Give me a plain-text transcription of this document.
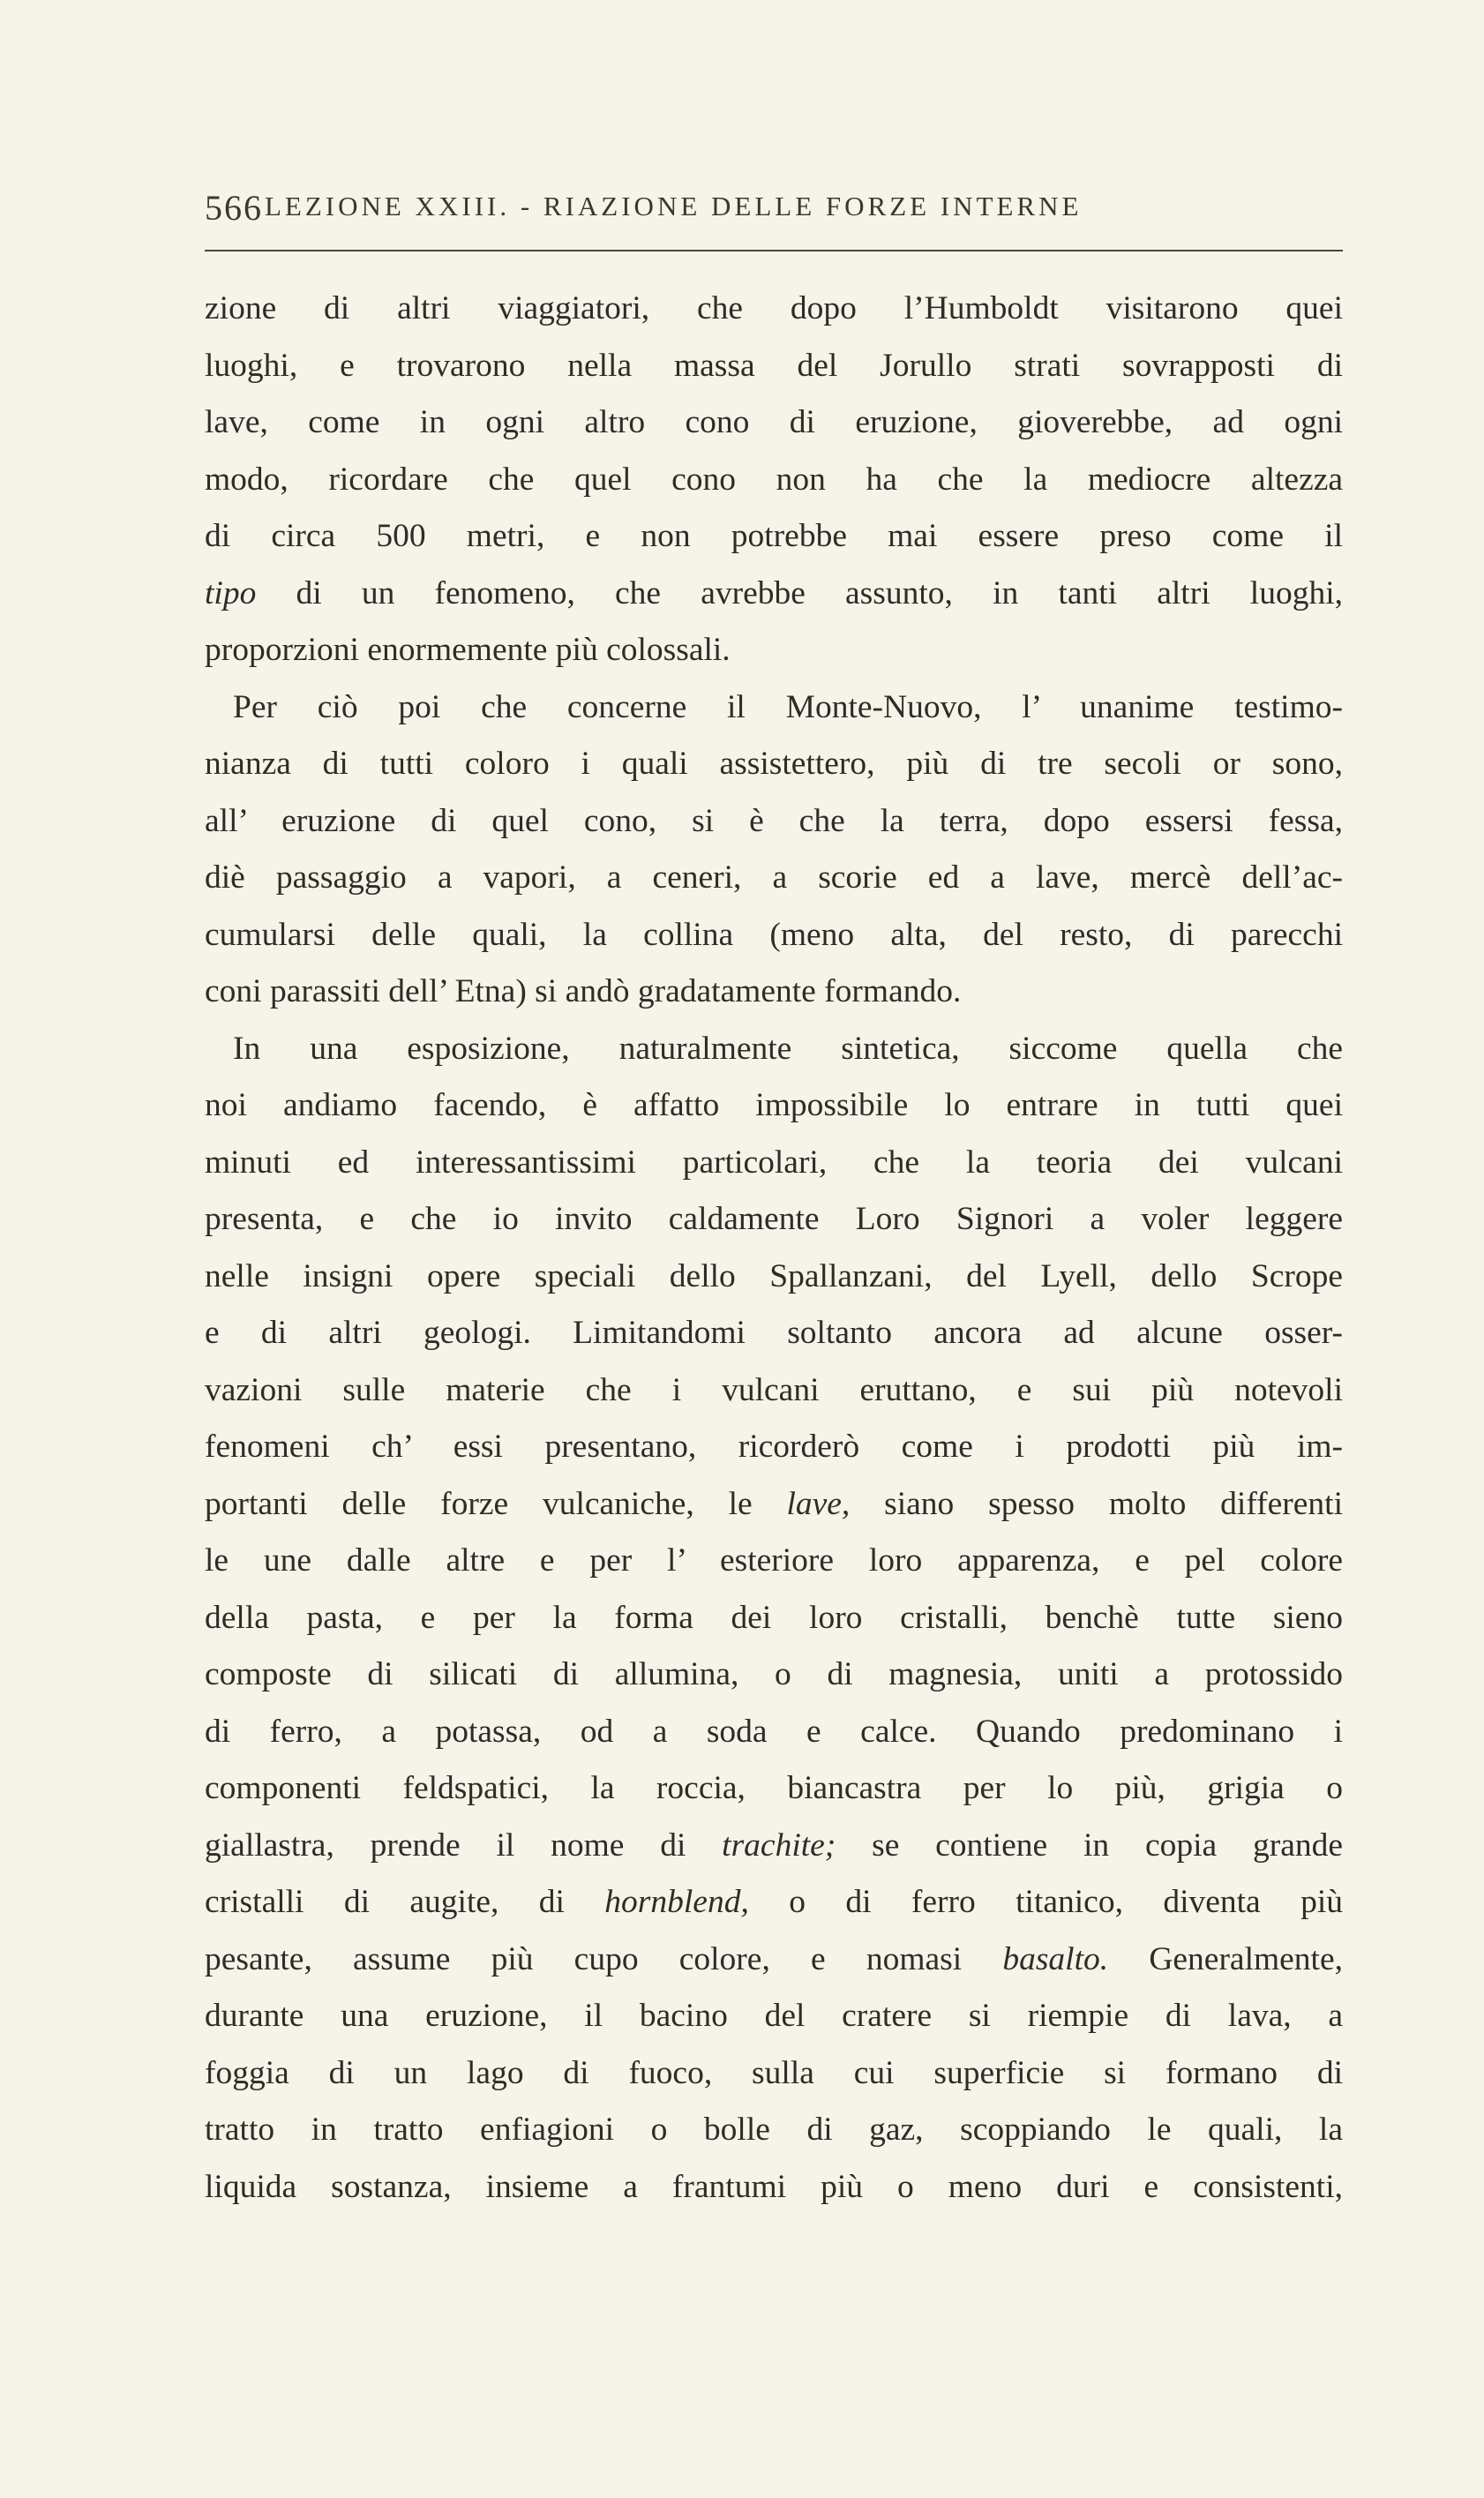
566 LEZIONE XXIII. - RIAZIONE DELLE FORZE INTERNE
zione di altri viaggiatori, che dopo l’Humboldt visitarono quei
luoghi, e trovarono nella massa del Jorullo strati sovrapposti di
lave, come in ogni altro cono di eruzione, gioverebbe, ad ogni
modo, ricordare che quel cono non ha che la mediocre altezza
di circa 500 metri, e non potrebbe mai essere preso come il
tipo di un fenomeno, che avrebbe assunto, in tanti altri luoghi,
proporzioni enormemente più colossali.
Per ciò poi che concerne il Monte-Nuovo, l’ unanime testimo-
nianza di tutti coloro i quali assistettero, più di tre secoli or sono,
all’ eruzione di quel cono, si è che la terra, dopo essersi fessa,
diè passaggio a vapori, a ceneri, a scorie ed a lave, mercè dell’ac-
cumularsi delle quali, la collina (meno alta, del resto, di parecchi
coni parassiti dell’ Etna) si andò gradatamente formando.
In una esposizione, naturalmente sintetica, siccome quella che
noi andiamo facendo, è affatto impossibile lo entrare in tutti quei
minuti ed interessantissimi particolari, che la teoria dei vulcani
presenta, e che io invito caldamente Loro Signori a voler leggere
nelle insigni opere speciali dello Spallanzani, del Lyell, dello Scrope
e di altri geologi. Limitandomi soltanto ancora ad alcune osser-
vazioni sulle materie che i vulcani eruttano, e sui più notevoli
fenomeni ch’ essi presentano, ricorderò come i prodotti più im-
portanti delle forze vulcaniche, le lave, siano spesso molto differenti
le une dalle altre e per l’ esteriore loro apparenza, e pel colore
della pasta, e per la forma dei loro cristalli, benchè tutte sieno
composte di silicati di allumina, o di magnesia, uniti a protossido
di ferro, a potassa, od a soda e calce. Quando predominano i
componenti feldspatici, la roccia, biancastra per lo più, grigia o
giallastra, prende il nome di trachite; se contiene in copia grande
cristalli di augite, di hornblend, o di ferro titanico, diventa più
pesante, assume più cupo colore, e nomasi basalto. Generalmente,
durante una eruzione, il bacino del cratere si riempie di lava, a
foggia di un lago di fuoco, sulla cui superficie si formano di
tratto in tratto enfiagioni o bolle di gaz, scoppiando le quali, la
liquida sostanza, insieme a frantumi più o meno duri e consistenti,
